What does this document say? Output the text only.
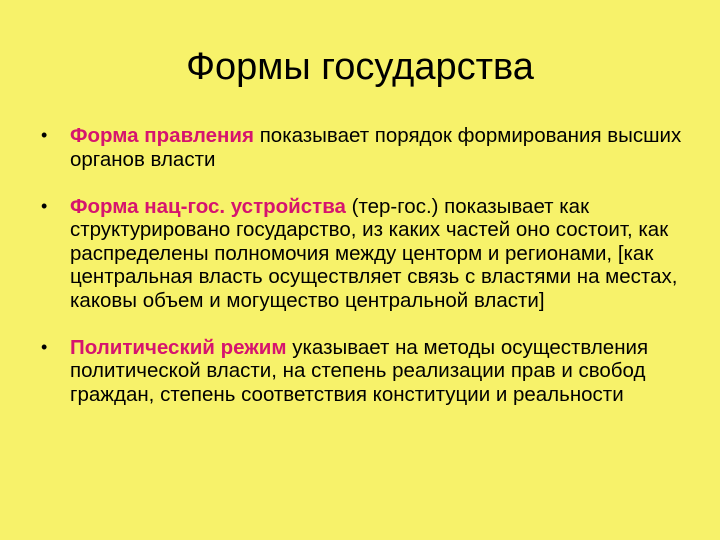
Формы государства
• Форма правления показывает порядок формирования высших органов власти
• Форма нац-гос. устройства (тер-гос.) показывает как структурировано государство, из каких частей оно состоит, как распределены полномочия между центорм и регионами, [как центральная власть осуществляет связь с властями на местах, каковы объем и могущество центральной власти]
• Политический режим указывает на методы осуществления политической власти, на степень реализации прав и свобод граждан, степень соответствия конституции и реальности
